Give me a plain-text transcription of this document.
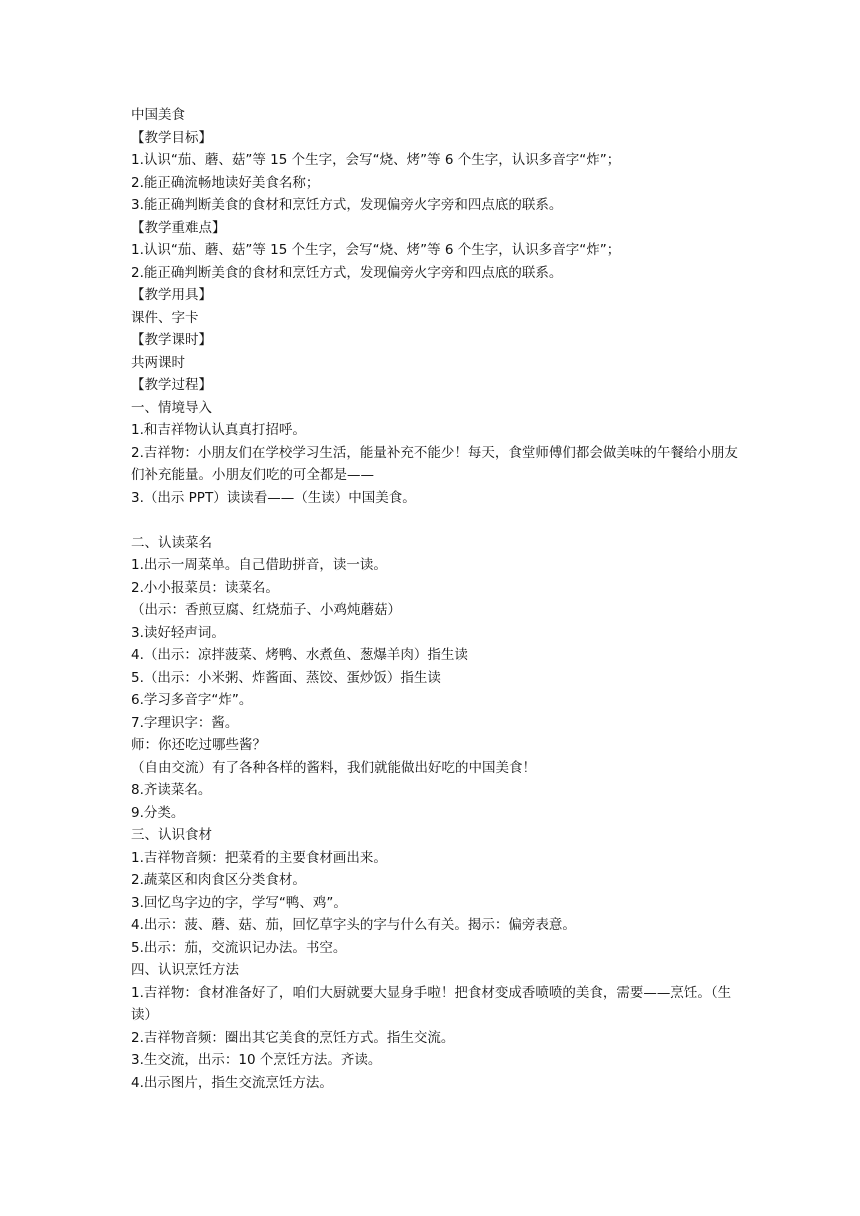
中国美食
【教学目标】
1.认识“茄、蘑、菇”等 15 个生字，会写“烧、烤”等 6 个生字，认识多音字“炸”；
2.能正确流畅地读好美食名称；
3.能正确判断美食的食材和烹饪方式，发现偏旁火字旁和四点底的联系。
【教学重难点】
1.认识“茄、蘑、菇”等 15 个生字，会写“烧、烤”等 6 个生字，认识多音字“炸”；
2.能正确判断美食的食材和烹饪方式，发现偏旁火字旁和四点底的联系。
【教学用具】
课件、字卡
【教学课时】
共两课时
【教学过程】
一、情境导入
1.和吉祥物认认真真打招呼。
2.吉祥物：小朋友们在学校学习生活，能量补充不能少！每天，食堂师傅们都会做美味的午餐给小朋友们补充能量。小朋友们吃的可全都是——
3.（出示 PPT）读读看——（生读）中国美食。
二、认读菜名
1.出示一周菜单。自己借助拼音，读一读。
2.小小报菜员：读菜名。
（出示：香煎豆腐、红烧茄子、小鸡炖蘑菇）
3.读好轻声词。
4.（出示：凉拌菠菜、烤鸭、水煮鱼、葱爆羊肉）指生读
5.（出示：小米粥、炸酱面、蒸饺、蛋炒饭）指生读
6.学习多音字“炸”。
7.字理识字：酱。
师：你还吃过哪些酱？
（自由交流）有了各种各样的酱料，我们就能做出好吃的中国美食！
8.齐读菜名。
9.分类。
三、认识食材
1.吉祥物音频：把菜肴的主要食材画出来。
2.蔬菜区和肉食区分类食材。
3.回忆鸟字边的字，学写“鸭、鸡”。
4.出示：菠、蘑、菇、茄，回忆草字头的字与什么有关。揭示：偏旁表意。
5.出示：茄，交流识记办法。书空。
四、认识烹饪方法
1.吉祥物：食材准备好了，咱们大厨就要大显身手啦！把食材变成香喷喷的美食，需要——烹饪。（生读）
2.吉祥物音频：圈出其它美食的烹饪方式。指生交流。
3.生交流，出示：10 个烹饪方法。齐读。
4.出示图片，指生交流烹饪方法。
